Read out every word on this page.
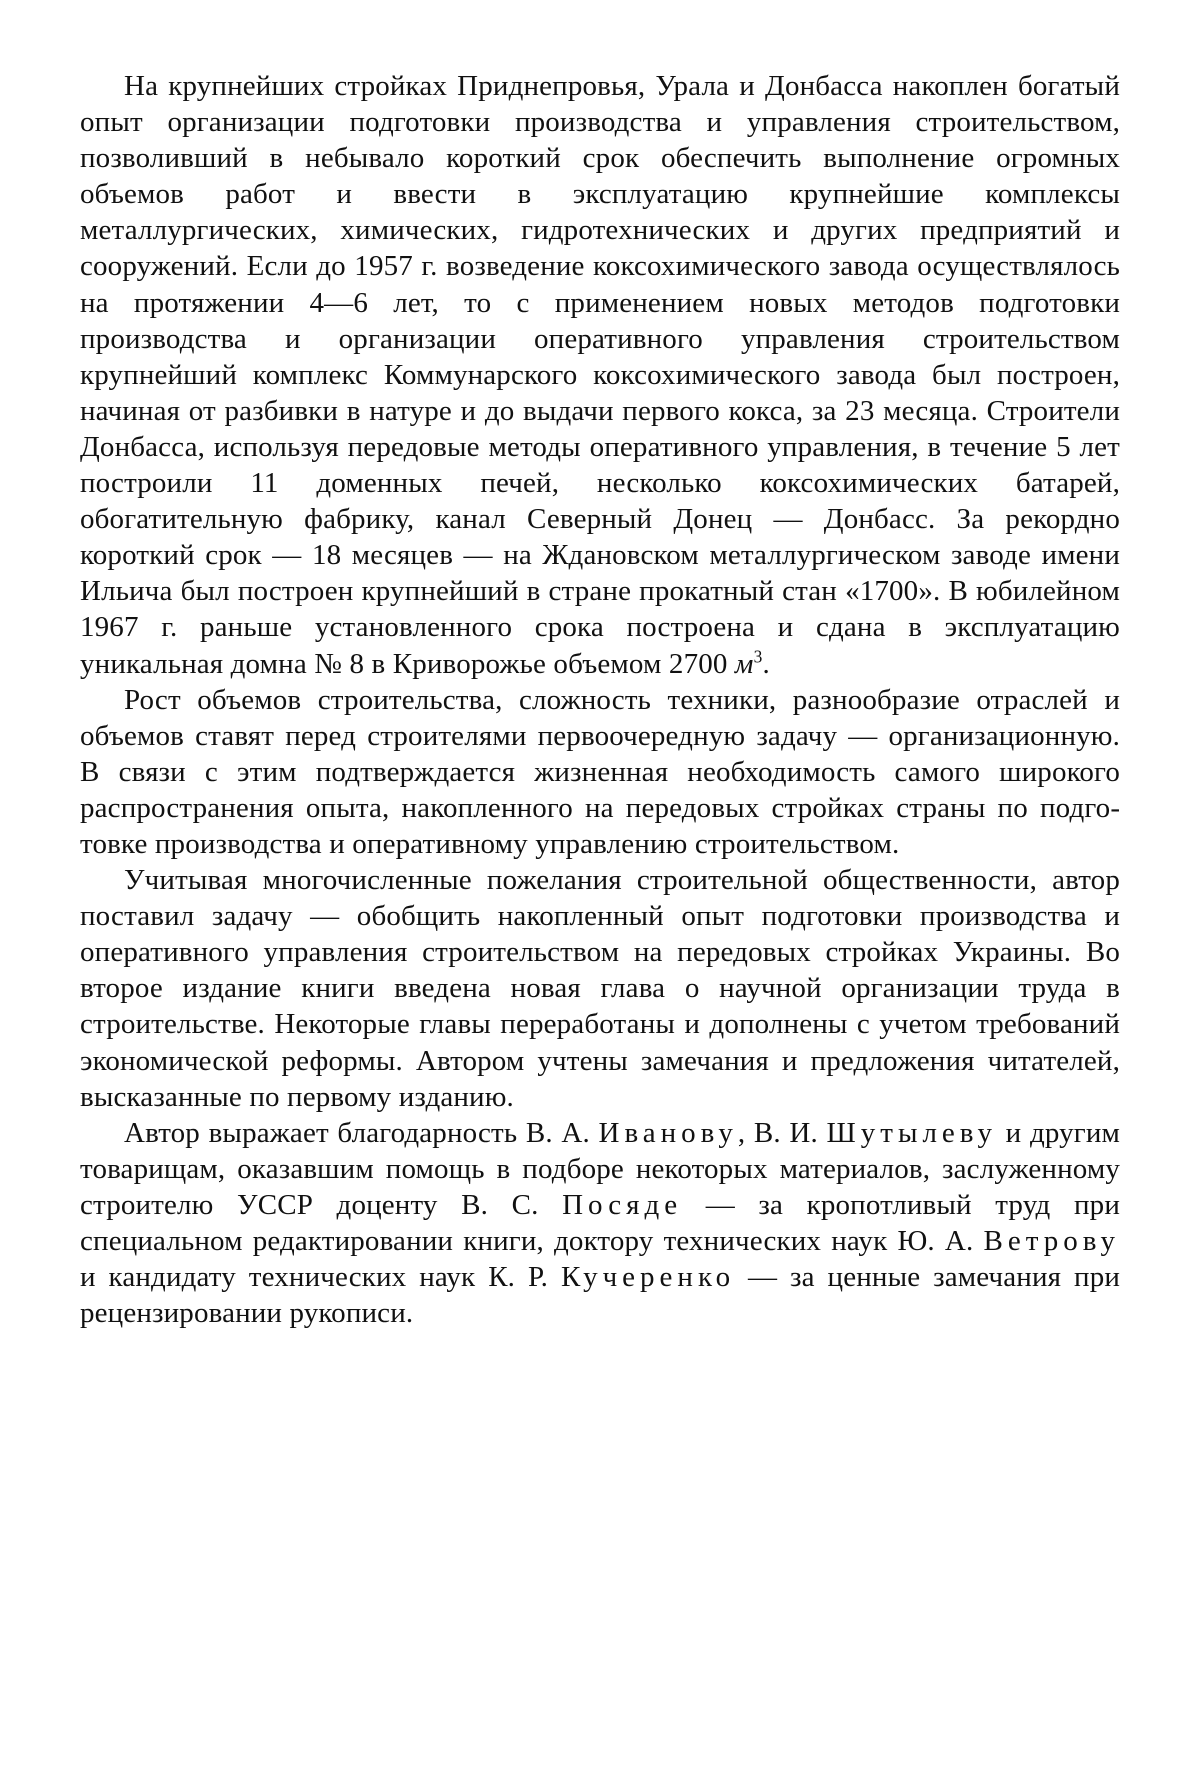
На крупнейших стройках Приднепровья, Урала и Донбасса накоплен богатый опыт организации подготовки производства и управления строительством, позволивший в небывало короткий срок обеспечить выполнение огромных объемов работ и ввести в эксплуатацию крупнейшие комплексы металлургических, химических, гидротехнических и других предприятий и сооружений. Если до 1957 г. возведение коксохимического завода осуществлялось на протяжении 4—6 лет, то с применением новых методов подготовки производства и организации оперативного управления строительством крупнейший комплекс Коммунарского коксохимического завода был построен, начиная от разбивки в натуре и до выдачи первого кокса, за 23 месяца. Строители Донбасса, используя передовые методы оперативного управления, в течение 5 лет построили 11 доменных печей, несколько коксохимических батарей, обогатительную фабрику, канал Северный Донец — Донбасс. За рекордно короткий срок — 18 месяцев — на Ждановском металлургическом заводе имени Ильича был построен крупнейший в стране прокатный стан «1700». В юбилейном 1967 г. раньше установленного срока построена и сдана в эксплуатацию уникальная домна № 8 в Криворожье объемом 2700 $м^3$.

Рост объемов строительства, сложность техники, разнообразие отраслей и объемов ставят перед строителями первоочередную задачу — организационную. В связи с этим подтверждается жизненная необходимость самого широкого распространения опыта, накопленного на передовых стройках страны по подготовке производства и оперативному управлению строительством.

Учитывая многочисленные пожелания строительной общественности, автор поставил задачу — обобщить накопленный опыт подготовки производства и оперативного управления строительством на передовых стройках Украины. Во второе издание книги введена новая глава о научной организации труда в строительстве. Некоторые главы переработаны и дополнены с учетом требований экономической реформы. Автором учтены замечания и предложения читателей, высказанные по первому изданию.

Автор выражает благодарность В. А. Иванову, В. И. Шутылеву и другим товарищам, оказавшим помощь в подборе некоторых материалов, заслуженному строителю УССР доценту В. С. Посяде — за кропотливый труд при специальном редактировании книги, доктору технических наук Ю. А. Ветрову и кандидату технических наук К. Р. Кучеренко — за ценные замечания при рецензировании рукописи.
